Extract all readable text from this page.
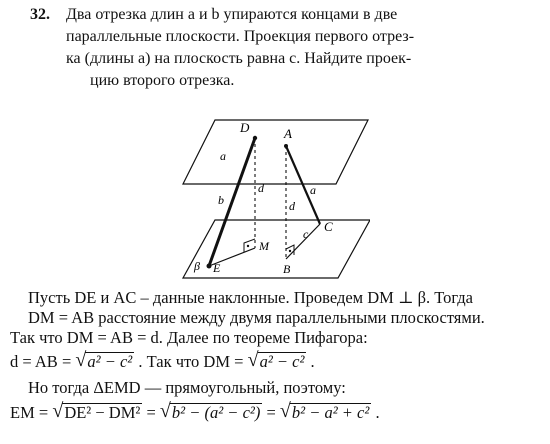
32. Два отрезка длин a и b упираются концами в две
параллельные плоскости. Проекция первого отрез-
ка (длины a) на плоскость равна c. Найдите проек-
цию второго отрезка.
D	A
a
b
d
d
a
c C
M
β E	B
Пусть DE и AC – данные наклонные. Проведем DM ⊥ β. Тогда
DM = AB расстояние между двумя параллельными плоскостями.
Так что DM = AB = d. Далее по теореме Пифагора:
d = AB = √ a² − c² . Так что DM = √ a² − c² .
Но тогда ΔEMD — прямоугольный, поэтому:
EM = √ DE² − DM² = √ b² − (a² − c²) = √ b² − a² + c² .
